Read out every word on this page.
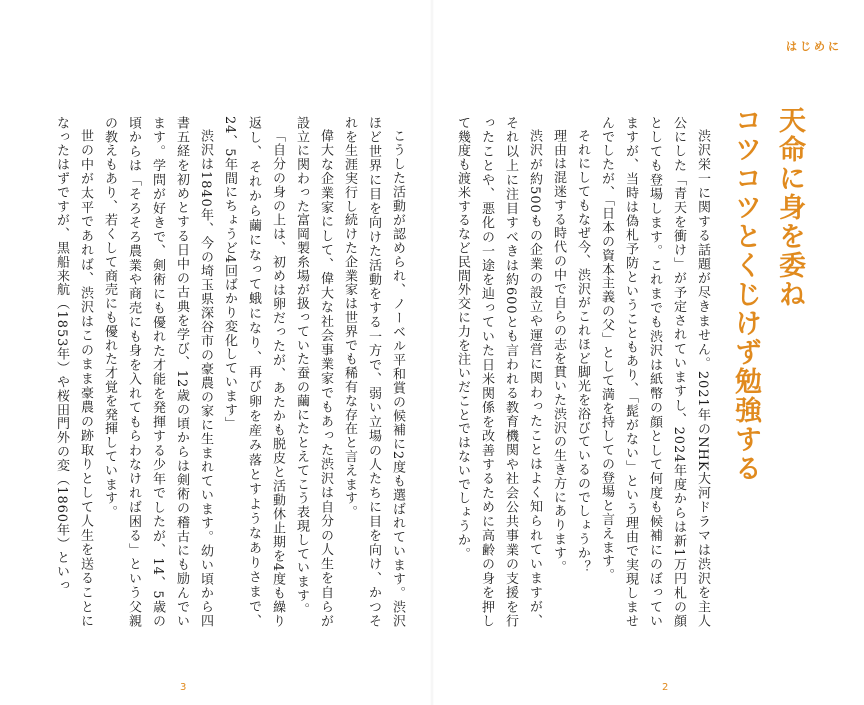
はじめに
天命に身を委ね
コツコツとくじけず勉強する

渋沢栄一に関する話題が尽きません。2021年のNHK大河ドラマは渋沢を主人公にした「青天を衝け」が予定されていますし、2024年度からは新1万円札の顔としても登場します。これまでも渋沢は紙幣の顔として何度も候補にのぼっていますが、当時は偽札予防ということもあり、「髭がない」という理由で実現しませんでしたが、「日本の資本主義の父」として満を持しての登場と言えます。

それにしてもなぜ今、渋沢がこれほど脚光を浴びているのでしょうか？

理由は混迷する時代の中で自らの志を貫いた渋沢の生き方にあります。

渋沢が約500もの企業の設立や運営に関わったことはよく知られていますが、それ以上に注目すべきは約600とも言われる教育機関や社会公共事業の支援を行ったことや、悪化の一途を辿っていた日米関係を改善するために高齢の身を押して幾度も渡米するなど民間外交に力を注いだことではないでしょうか。

2

こうした活動が認められ、ノーベル平和賞の候補に2度も選ばれています。渋沢ほど世界に目を向けた活動をする一方で、弱い立場の人たちに目を向け、かつそれを生涯実行し続けた企業家は世界でも稀有な存在と言えます。

偉大な企業家にして、偉大な社会事業家でもあった渋沢は自分の人生を自らが設立に関わった富岡製糸場が扱っていた蚕の繭にたとえてこう表現しています。

「自分の身の上は、初めは卵だったが、あたかも脱皮と活動休止期を4度も繰り返し、それから繭になって蛾になり、再び卵を産み落とすようなありさまで、24、5年間にちょうど4回ばかり変化しています」

渋沢は1840年、今の埼玉県深谷市の豪農の家に生まれています。幼い頃から四書五経を初めとする日中の古典を学び、12歳の頃からは剣術の稽古にも励んでいます。学問が好きで、剣術にも優れた才能を発揮する少年でしたが、14、5歳の頃からは「そろそろ農業や商売にも身を入れてもらわなければ困る」という父親の教えもあり、若くして商売にも優れた才覚を発揮しています。

世の中が太平であれば、渋沢はこのまま豪農の跡取りとして人生を送ることになったはずですが、黒船来航（1853年）や桜田門外の変（1860年）といっ

3
